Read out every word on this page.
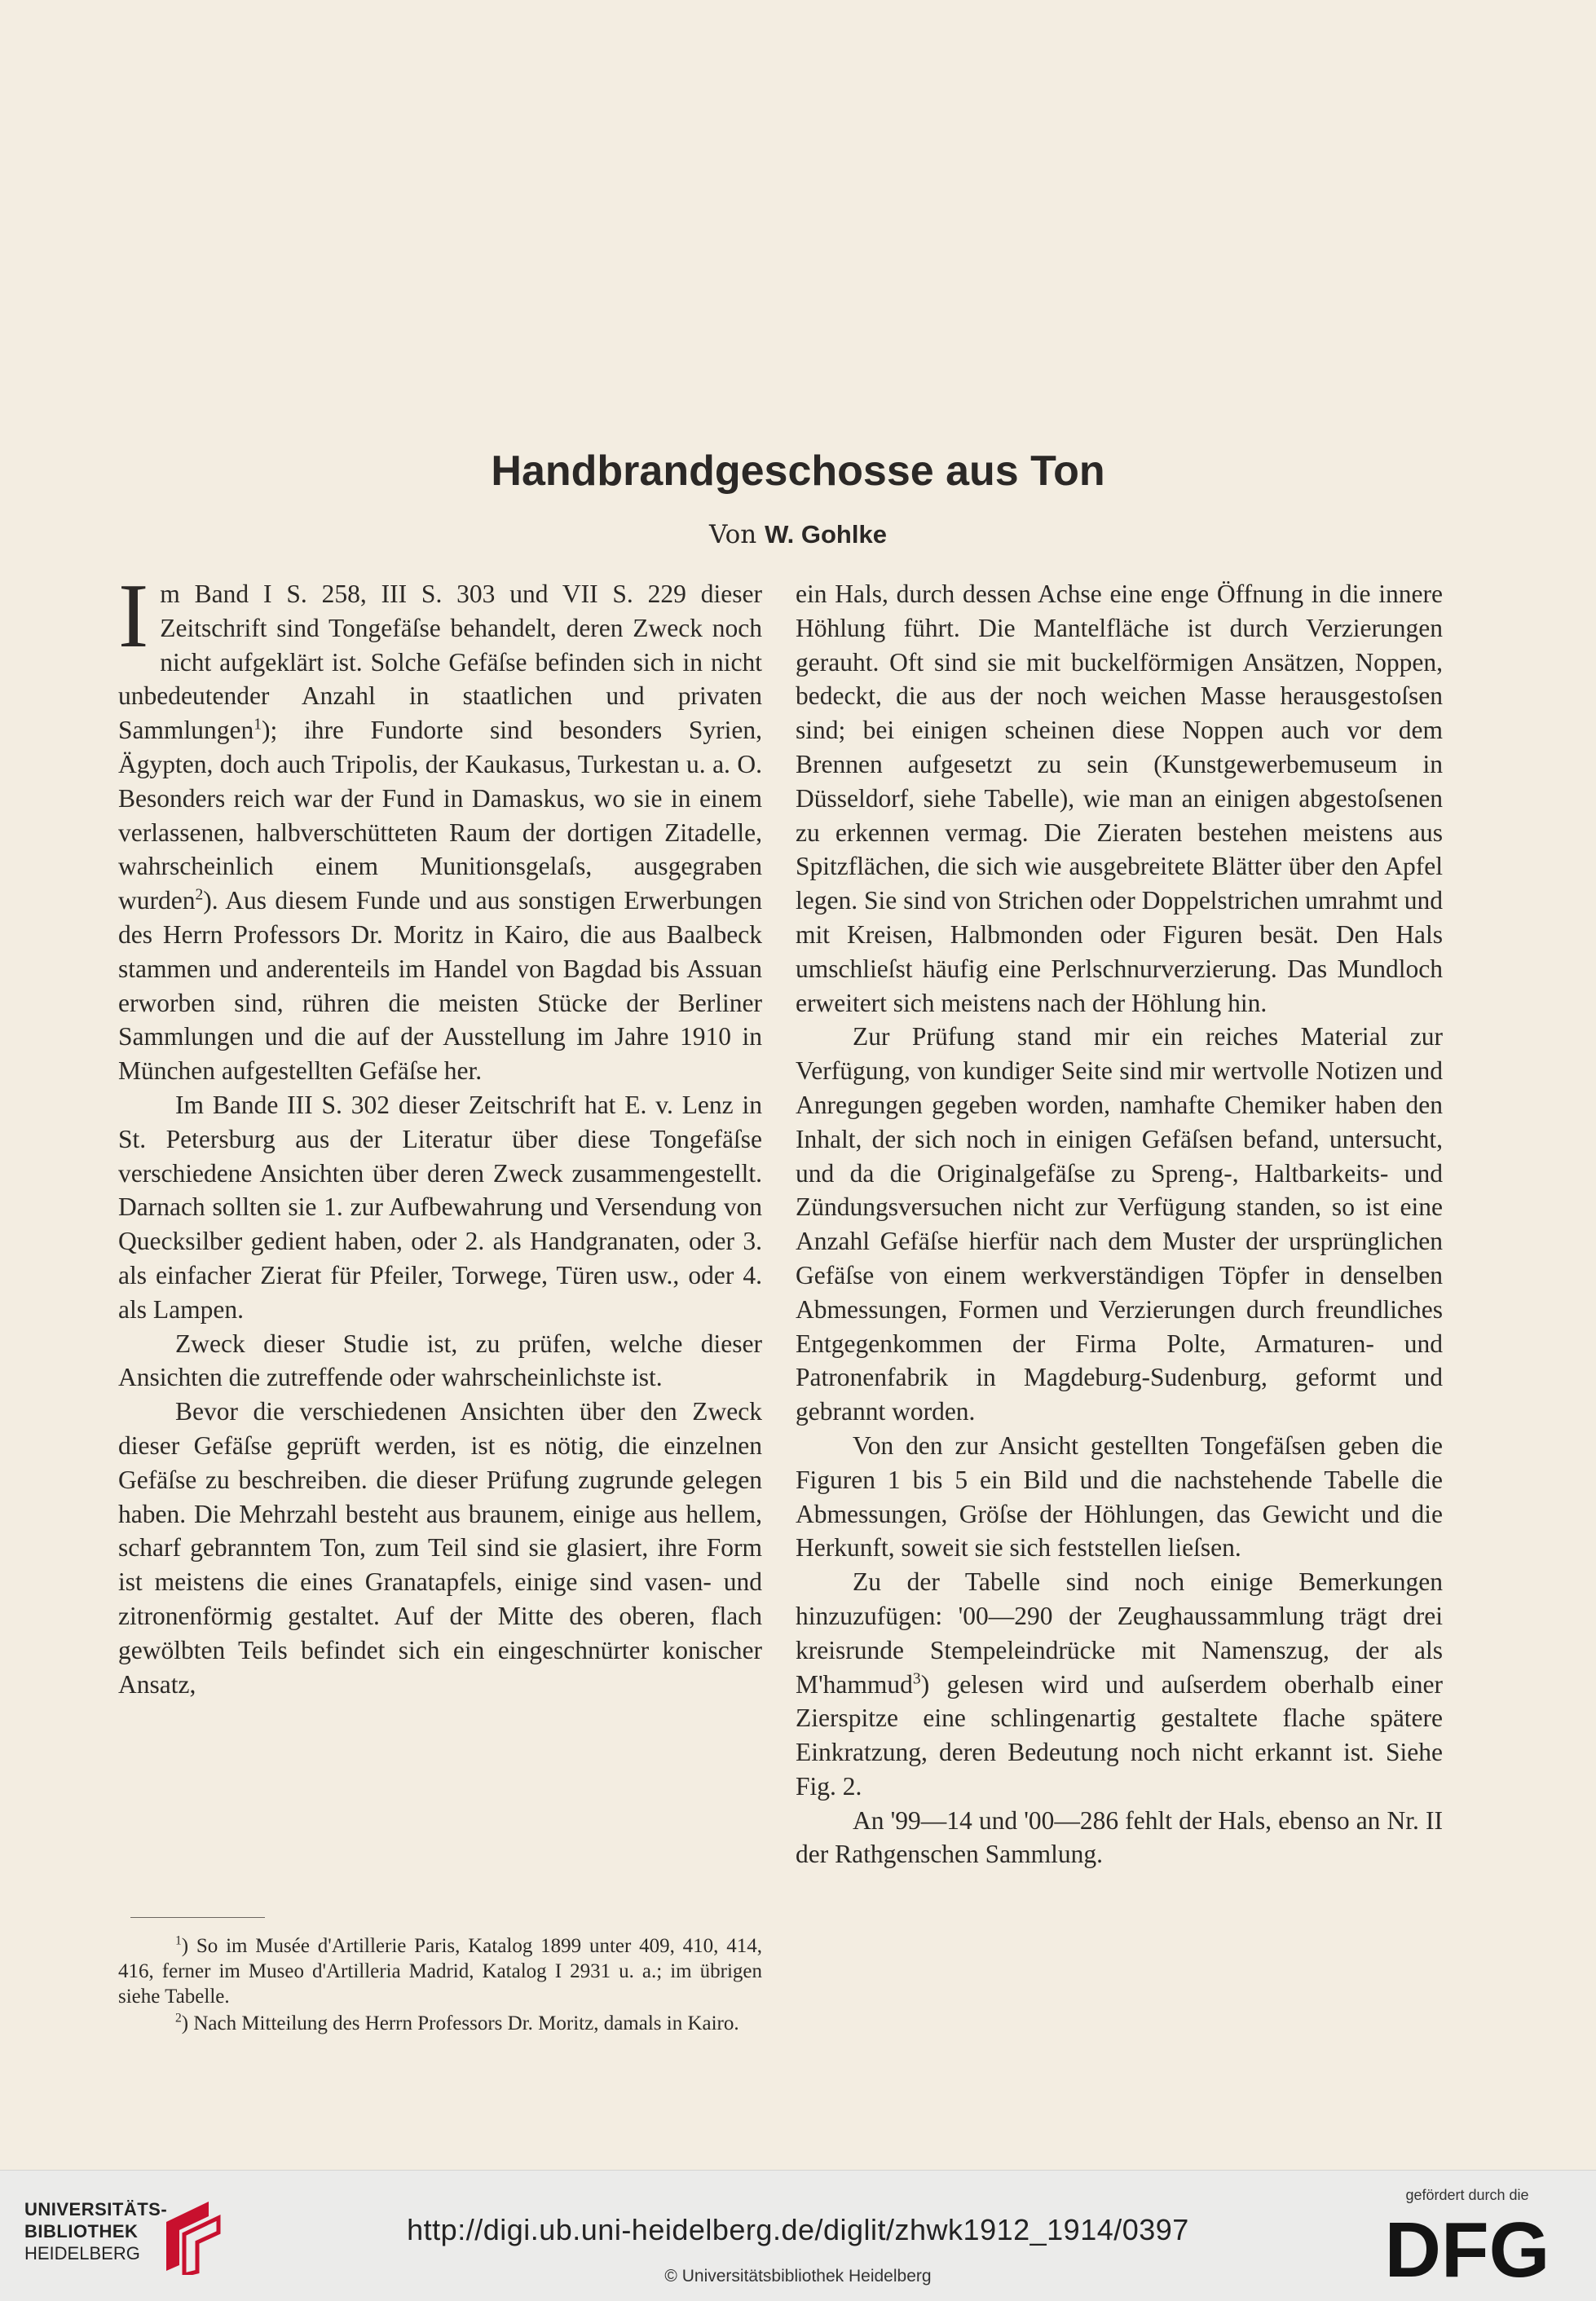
Handbrandgeschosse aus Ton
Von W. Gohlke

Im Band I S. 258, III S. 303 und VII S. 229 dieser Zeitschrift sind Tongefäſse behandelt, deren Zweck noch nicht aufgeklärt ist. Solche Gefäſse befinden sich in nicht unbedeutender Anzahl in staatlichen und privaten Sammlungen$^1$); ihre Fundorte sind besonders Syrien, Ägypten, doch auch Tripolis, der Kaukasus, Turkestan u. a. O. Besonders reich war der Fund in Damaskus, wo sie in einem verlassenen, halbverschütteten Raum der dortigen Zitadelle, wahrscheinlich einem Munitionsgelaſs, ausgegraben wurden$^2$). Aus diesem Funde und aus sonstigen Erwerbungen des Herrn Professors Dr. Moritz in Kairo, die aus Baalbeck stammen und anderenteils im Handel von Bagdad bis Assuan erworben sind, rühren die meisten Stücke der Berliner Sammlungen und die auf der Ausstellung im Jahre 1910 in München aufgestellten Gefäſse her.

Im Bande III S. 302 dieser Zeitschrift hat E. v. Lenz in St. Petersburg aus der Literatur über diese Tongefäſse verschiedene Ansichten über deren Zweck zusammengestellt. Darnach sollten sie 1. zur Aufbewahrung und Versendung von Quecksilber gedient haben, oder 2. als Handgranaten, oder 3. als einfacher Zierat für Pfeiler, Torwege, Türen usw., oder 4. als Lampen.

Zweck dieser Studie ist, zu prüfen, welche dieser Ansichten die zutreffende oder wahrscheinlichste ist.

Bevor die verschiedenen Ansichten über den Zweck dieser Gefäſse geprüft werden, ist es nötig, die einzelnen Gefäſse zu beschreiben. die dieser Prüfung zugrunde gelegen haben. Die Mehrzahl besteht aus braunem, einige aus hellem, scharf gebranntem Ton, zum Teil sind sie glasiert, ihre Form ist meistens die eines Granatapfels, einige sind vasen- und zitronenförmig gestaltet. Auf der Mitte des oberen, flach gewölbten Teils befindet sich ein eingeschnürter konischer Ansatz,

$^1$) So im Musée d'Artillerie Paris, Katalog 1899 unter 409, 410, 414, 416, ferner im Museo d'Artilleria Madrid, Katalog I 2931 u. a.; im übrigen siehe Tabelle.

$^2$) Nach Mitteilung des Herrn Professors Dr. Moritz, damals in Kairo.

ein Hals, durch dessen Achse eine enge Öffnung in die innere Höhlung führt. Die Mantelfläche ist durch Verzierungen gerauht. Oft sind sie mit buckelförmigen Ansätzen, Noppen, bedeckt, die aus der noch weichen Masse herausgestoſsen sind; bei einigen scheinen diese Noppen auch vor dem Brennen aufgesetzt zu sein (Kunstgewerbemuseum in Düsseldorf, siehe Tabelle), wie man an einigen abgestoſsenen zu erkennen vermag. Die Zieraten bestehen meistens aus Spitzflächen, die sich wie ausgebreitete Blätter über den Apfel legen. Sie sind von Strichen oder Doppelstrichen umrahmt und mit Kreisen, Halbmonden oder Figuren besät. Den Hals umschlieſst häufig eine Perlschnurverzierung. Das Mundloch erweitert sich meistens nach der Höhlung hin.

Zur Prüfung stand mir ein reiches Material zur Verfügung, von kundiger Seite sind mir wertvolle Notizen und Anregungen gegeben worden, namhafte Chemiker haben den Inhalt, der sich noch in einigen Gefäſsen befand, untersucht, und da die Originalgefäſse zu Spreng-, Haltbarkeits- und Zündungsversuchen nicht zur Verfügung standen, so ist eine Anzahl Gefäſse hierfür nach dem Muster der ursprünglichen Gefäſse von einem werkverständigen Töpfer in denselben Abmessungen, Formen und Verzierungen durch freundliches Entgegenkommen der Firma Polte, Armaturen- und Patronenfabrik in Magdeburg-Sudenburg, geformt und gebrannt worden.

Von den zur Ansicht gestellten Tongefäſsen geben die Figuren 1 bis 5 ein Bild und die nachstehende Tabelle die Abmessungen, Gröſse der Höhlungen, das Gewicht und die Herkunft, soweit sie sich feststellen lieſsen.

Zu der Tabelle sind noch einige Bemerkungen hinzuzufügen: '00—290 der Zeughaussammlung trägt drei kreisrunde Stempeleindrücke mit Namenszug, der als M'hammud$^3$) gelesen wird und auſserdem oberhalb einer Zierspitze eine schlingenartig gestaltete flache spätere Einkratzung, deren Bedeutung noch nicht erkannt ist. Siehe Fig. 2.

An '99—14 und '00—286 fehlt der Hals, ebenso an Nr. II der Rathgenschen Sammlung.

UNIVERSITÄTS-
BIBLIOTHEK
HEIDELBERG
http://digi.ub.uni-heidelberg.de/diglit/zhwk1912_1914/0397
© Universitätsbibliothek Heidelberg
gefördert durch die
DFG
